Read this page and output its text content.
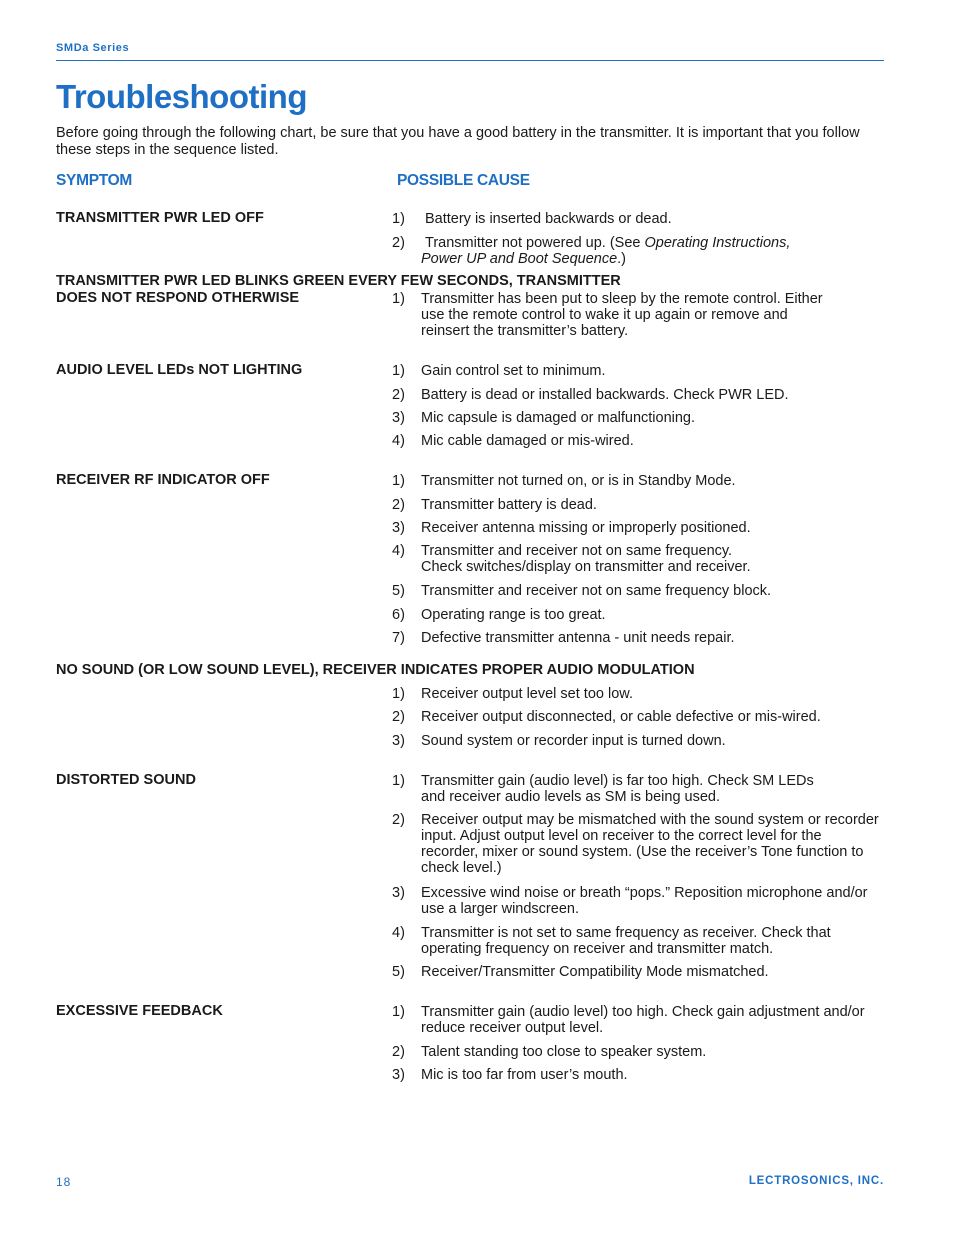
SMDa Series
Troubleshooting
Before going through the following chart, be sure that you have a good battery in the transmitter. It is important that you follow these steps in the sequence listed.
SYMPTOM	POSSIBLE CAUSE
TRANSMITTER PWR LED OFF	1) Battery is inserted backwards or dead.
2) Transmitter not powered up. (See Operating Instructions, Power UP and Boot Sequence.)
TRANSMITTER PWR LED BLINKS GREEN EVERY FEW SECONDS, TRANSMITTER
DOES NOT RESPOND OTHERWISE	1) Transmitter has been put to sleep by the remote control. Either use the remote control to wake it up again or remove and reinsert the transmitter’s battery.
AUDIO LEVEL LEDs NOT LIGHTING	1) Gain control set to minimum.
2) Battery is dead or installed backwards. Check PWR LED.
3) Mic capsule is damaged or malfunctioning.
4) Mic cable damaged or mis-wired.
RECEIVER RF INDICATOR OFF	1) Transmitter not turned on, or is in Standby Mode.
2) Transmitter battery is dead.
3) Receiver antenna missing or improperly positioned.
4) Transmitter and receiver not on same frequency. Check switches/display on transmitter and receiver.
5) Transmitter and receiver not on same frequency block.
6) Operating range is too great.
7) Defective transmitter antenna - unit needs repair.
NO SOUND (OR LOW SOUND LEVEL), RECEIVER INDICATES PROPER AUDIO MODULATION
1) Receiver output level set too low.
2) Receiver output disconnected, or cable defective or mis-wired.
3) Sound system or recorder input is turned down.
DISTORTED SOUND	1) Transmitter gain (audio level) is far too high. Check SM LEDs and receiver audio levels as SM is being used.
2) Receiver output may be mismatched with the sound system or recorder input. Adjust output level on receiver to the correct level for the recorder, mixer or sound system. (Use the receiver’s Tone function to check level.)
3) Excessive wind noise or breath “pops.” Reposition microphone and/or use a larger windscreen.
4) Transmitter is not set to same frequency as receiver. Check that operating frequency on receiver and transmitter match.
5) Receiver/Transmitter Compatibility Mode mismatched.
EXCESSIVE FEEDBACK	1) Transmitter gain (audio level) too high. Check gain adjustment and/or reduce receiver output level.
2) Talent standing too close to speaker system.
3) Mic is too far from user’s mouth.
18	LECTROSONICS, INC.
